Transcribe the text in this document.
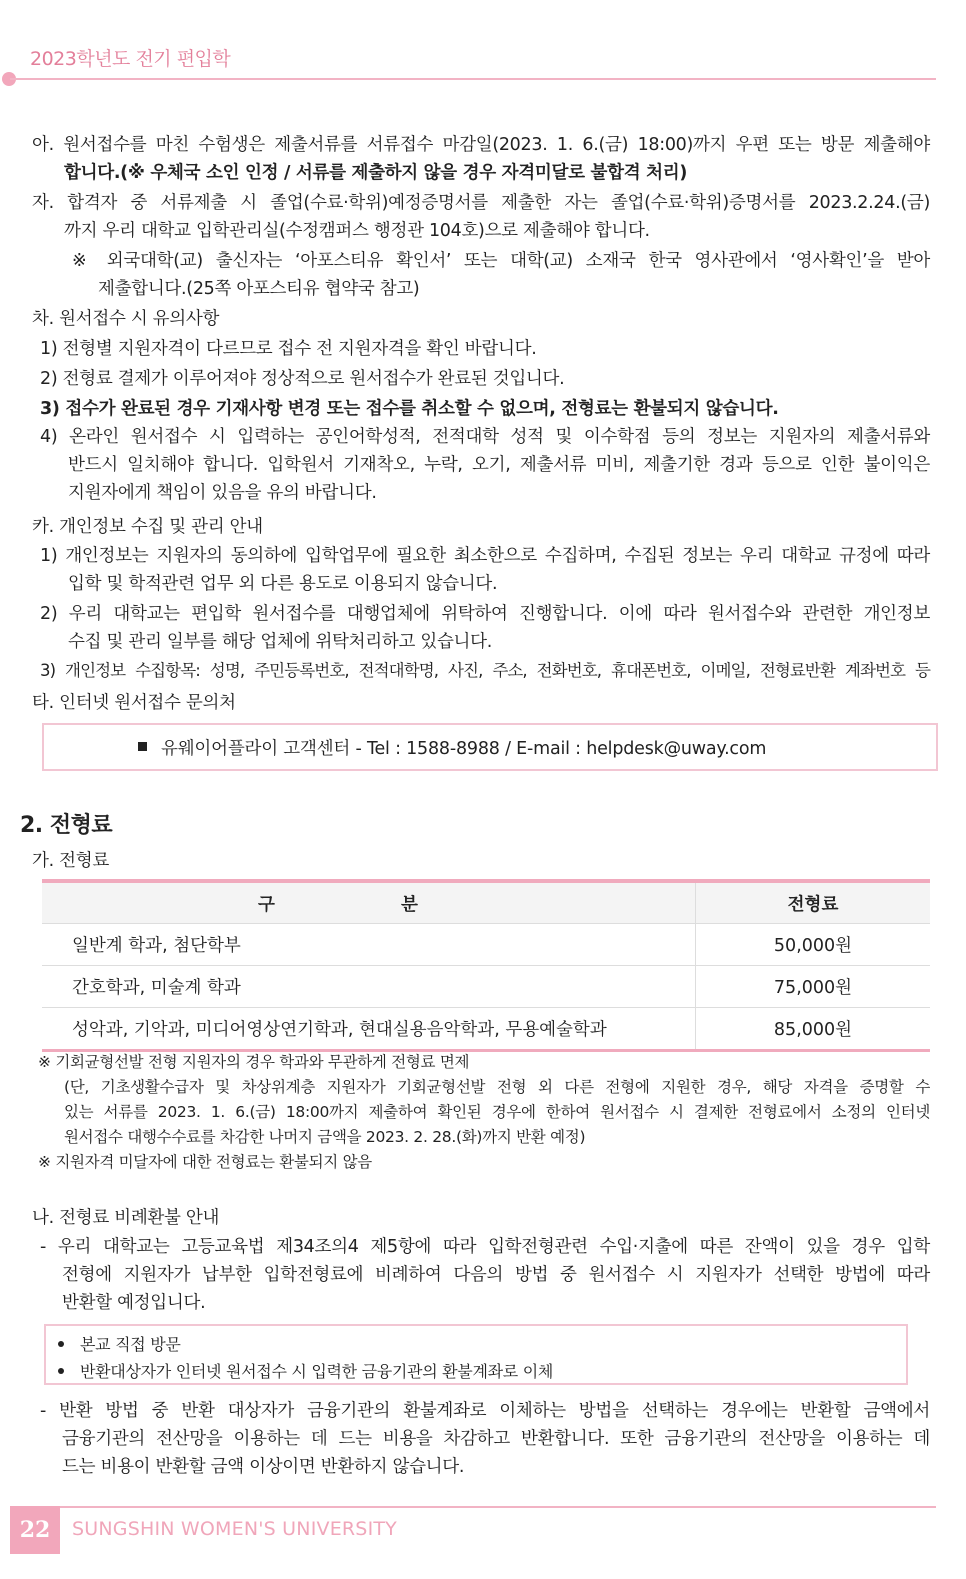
2023학년도 전기 편입학
아. 원서접수를 마친 수험생은 제출서류를 서류접수 마감일(2023. 1. 6.(금) 18:00)까지 우편 또는 방문 제출해야
합니다.(※ 우체국 소인 인정 / 서류를 제출하지 않을 경우 자격미달로 불합격 처리)
자. 합격자 중 서류제출 시 졸업(수료·학위)예정증명서를 제출한 자는 졸업(수료·학위)증명서를 2023.2.24.(금)
까지 우리 대학교 입학관리실(수정캠퍼스 행정관 104호)으로 제출해야 합니다.
※ 외국대학(교) 출신자는 ‘아포스티유 확인서’ 또는 대학(교) 소재국 한국 영사관에서 ‘영사확인’을 받아
제출합니다.(25쪽 아포스티유 협약국 참고)
차. 원서접수 시 유의사항
1) 전형별 지원자격이 다르므로 접수 전 지원자격을 확인 바랍니다.
2) 전형료 결제가 이루어져야 정상적으로 원서접수가 완료된 것입니다.
3) 접수가 완료된 경우 기재사항 변경 또는 접수를 취소할 수 없으며, 전형료는 환불되지 않습니다.
4) 온라인 원서접수 시 입력하는 공인어학성적, 전적대학 성적 및 이수학점 등의 정보는 지원자의 제출서류와
반드시 일치해야 합니다. 입학원서 기재착오, 누락, 오기, 제출서류 미비, 제출기한 경과 등으로 인한 불이익은
지원자에게 책임이 있음을 유의 바랍니다.
카. 개인정보 수집 및 관리 안내
1) 개인정보는 지원자의 동의하에 입학업무에 필요한 최소한으로 수집하며, 수집된 정보는 우리 대학교 규정에 따라
입학 및 학적관련 업무 외 다른 용도로 이용되지 않습니다.
2) 우리 대학교는 편입학 원서접수를 대행업체에 위탁하여 진행합니다. 이에 따라 원서접수와 관련한 개인정보
수집 및 관리 일부를 해당 업체에 위탁처리하고 있습니다.
3) 개인정보 수집항목: 성명, 주민등록번호, 전적대학명, 사진, 주소, 전화번호, 휴대폰번호, 이메일, 전형료반환 계좌번호 등
타. 인터넷 원서접수 문의처
유웨이어플라이 고객센터 - Tel : 1588-8988 / E-mail : helpdesk@uway.com
2. 전형료
가. 전형료
구 분	전형료
일반계 학과, 첨단학부	50,000원
간호학과, 미술계 학과	75,000원
성악과, 기악과, 미디어영상연기학과, 현대실용음악학과, 무용예술학과	85,000원
※ 기회균형선발 전형 지원자의 경우 학과와 무관하게 전형료 면제
(단, 기초생활수급자 및 차상위계층 지원자가 기회균형선발 전형 외 다른 전형에 지원한 경우, 해당 자격을 증명할 수
있는 서류를 2023. 1. 6.(금) 18:00까지 제출하여 확인된 경우에 한하여 원서접수 시 결제한 전형료에서 소정의 인터넷
원서접수 대행수수료를 차감한 나머지 금액을 2023. 2. 28.(화)까지 반환 예정)
※ 지원자격 미달자에 대한 전형료는 환불되지 않음
나. 전형료 비례환불 안내
- 우리 대학교는 고등교육법 제34조의4 제5항에 따라 입학전형관련 수입·지출에 따른 잔액이 있을 경우 입학
전형에 지원자가 납부한 입학전형료에 비례하여 다음의 방법 중 원서접수 시 지원자가 선택한 방법에 따라
반환할 예정입니다.
본교 직접 방문
반환대상자가 인터넷 원서접수 시 입력한 금융기관의 환불계좌로 이체
- 반환 방법 중 반환 대상자가 금융기관의 환불계좌로 이체하는 방법을 선택하는 경우에는 반환할 금액에서
금융기관의 전산망을 이용하는 데 드는 비용을 차감하고 반환합니다. 또한 금융기관의 전산망을 이용하는 데
드는 비용이 반환할 금액 이상이면 반환하지 않습니다.
22	SUNGSHIN WOMEN'S UNIVERSITY
